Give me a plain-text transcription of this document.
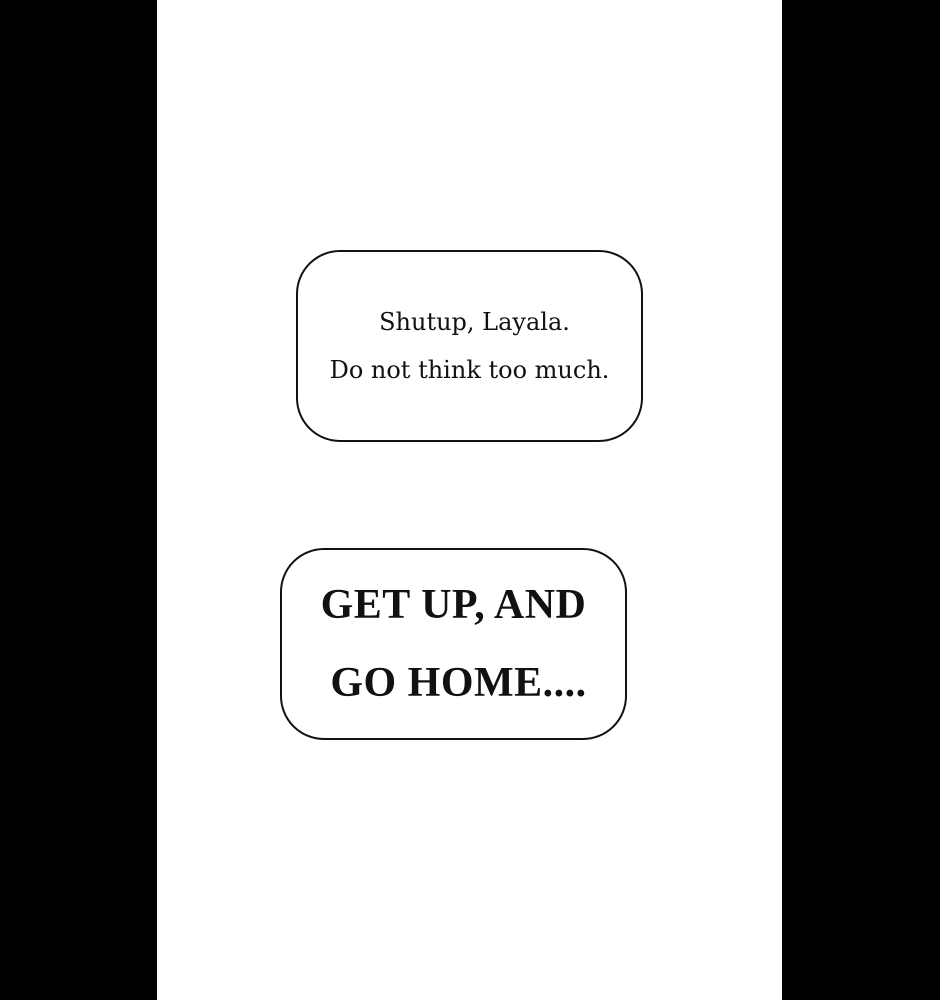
Shutup, Layala.
Do not think too much.
GET UP, AND
GO HOME....
